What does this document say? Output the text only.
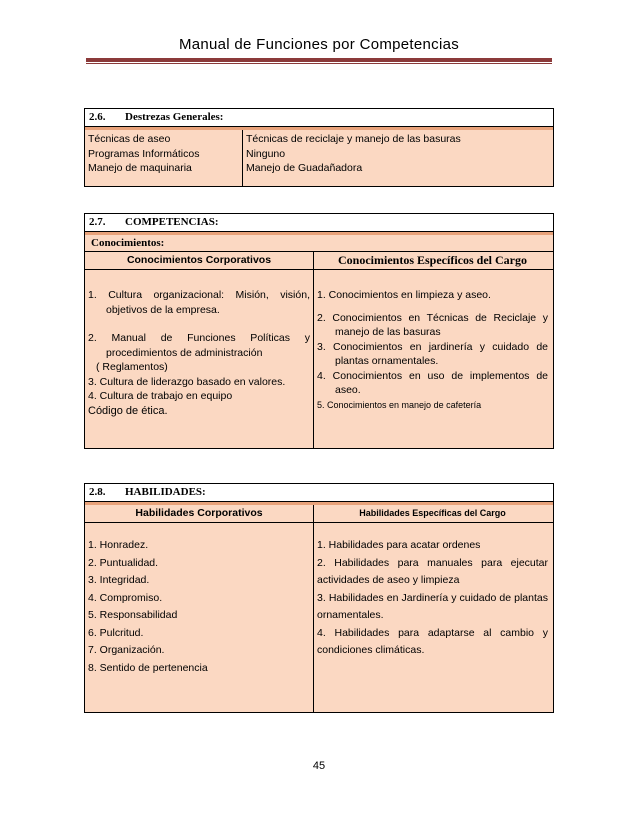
Manual de Funciones por Competencias
2.6. Destrezas Generales:
Técnicas de aseo
Programas Informáticos
Manejo de maquinaria
Técnicas de reciclaje y manejo de las basuras
Ninguno
Manejo de Guadañadora
2.7. COMPETENCIAS:
Conocimientos:
Conocimientos Corporativos	Conocimientos Específicos del Cargo
1. Cultura organizacional: Misión, visión, objetivos de la empresa.
2. Manual de Funciones Políticas y procedimientos de administración
( Reglamentos)
3. Cultura de liderazgo basado en valores.
4. Cultura de trabajo en equipo
Código de ética.
1. Conocimientos en limpieza y aseo.
2. Conocimientos en Técnicas de Reciclaje y manejo de las basuras
3. Conocimientos en jardinería y cuidado de plantas ornamentales.
4. Conocimientos en uso de implementos de aseo.
5. Conocimientos en manejo de cafetería
2.8. HABILIDADES:
Habilidades Corporativos	Habilidades Específicas del Cargo
1. Honradez.
2. Puntualidad.
3. Integridad.
4. Compromiso.
5. Responsabilidad
6. Pulcritud.
7. Organización.
8. Sentido de pertenencia
1. Habilidades para acatar ordenes
2. Habilidades para manuales para ejecutar actividades de aseo y limpieza
3. Habilidades en Jardinería y cuidado de plantas ornamentales.
4. Habilidades para adaptarse al cambio y condiciones climáticas.
45
